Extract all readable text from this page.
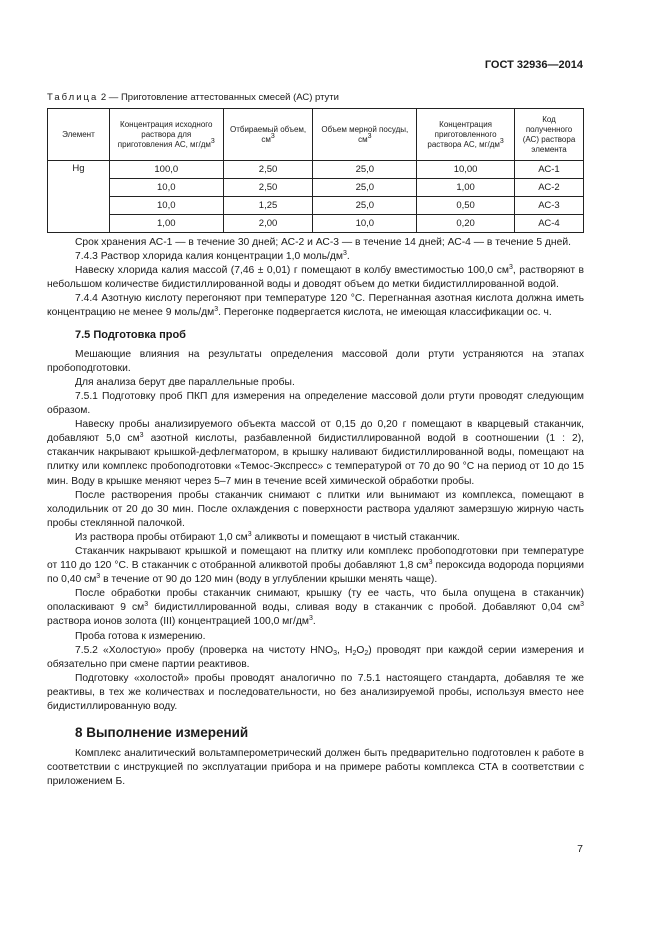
ГОСТ 32936—2014
Таблица 2 — Приготовление аттестованных смесей (АС) ртути
Элемент	Концентрация исходного раствора для приготовления АС, $мг/дм^3$	Отбираемый объем, $см^3$	Объем мерной посуды, $см^3$	Концентрация приготовленного раствора АС, $мг/дм^3$	Код полученного (АС) раствора элемента
Hg	100,0	2,50	25,0	10,00	АС-1
	10,0	2,50	25,0	1,00	АС-2
	10,0	1,25	25,0	0,50	АС-3
	1,00	2,00	10,0	0,20	АС-4

Срок хранения АС-1 — в течение 30 дней; АС-2 и АС-3 — в течение 14 дней; АС-4 — в течение 5 дней.

7.4.3 Раствор хлорида калия концентрации 1,0 моль/$дм^3$.

Навеску хлорида калия массой (7,46 ± 0,01) г помещают в колбу вместимостью 100,0 $см^3$, растворяют в небольшом количестве бидистиллированной воды и доводят объем до метки бидистиллированной водой.

7.4.4 Азотную кислоту перегоняют при температуре 120 °С. Перегнанная азотная кислота должна иметь концентрацию не менее 9 моль/$дм^3$. Перегонке подвергается кислота, не имеющая классификации ос. ч.

7.5 Подготовка проб

Мешающие влияния на результаты определения массовой доли ртути устраняются на этапах пробоподготовки.

Для анализа берут две параллельные пробы.

7.5.1 Подготовку проб ПКП для измерения на определение массовой доли ртути проводят следующим образом.

Навеску пробы анализируемого объекта массой от 0,15 до 0,20 г помещают в кварцевый стаканчик, добавляют 5,0 $см^3$ азотной кислоты, разбавленной бидистиллированной водой в соотношении (1 : 2), стаканчик накрывают крышкой-дефлегматором, в крышку наливают бидистиллированной воды, помещают на плитку или комплекс пробоподготовки «Темос-Экспресс» с температурой от 70 до 90 °С на период от 10 до 15 мин. Воду в крышке меняют через 5–7 мин в течение всей химической обработки пробы.

После растворения пробы стаканчик снимают с плитки или вынимают из комплекса, помещают в холодильник от 20 до 30 мин. После охлаждения с поверхности раствора удаляют замерзшую жирную часть пробы стеклянной палочкой.

Из раствора пробы отбирают 1,0 $см^3$ аликвоты и помещают в чистый стаканчик.

Стаканчик накрывают крышкой и помещают на плитку или комплекс пробоподготовки при температуре от 110 до 120 °С. В стаканчик с отобранной аликвотой пробы добавляют 1,8 $см^3$ пероксида водорода порциями по 0,40 $см^3$ в течение от 90 до 120 мин (воду в углублении крышки менять чаще).

После обработки пробы стаканчик снимают, крышку (ту ее часть, что была опущена в стаканчик) ополаскивают 9 $см^3$ бидистиллированной воды, сливая воду в стаканчик с пробой. Добавляют 0,04 $см^3$ раствора ионов золота (III) концентрацией 100,0 $мг/дм^3$.

Проба готова к измерению.

7.5.2 «Холостую» пробу (проверка на чистоту $HNO_3$, $H_2O_2$) проводят при каждой серии измерения и обязательно при смене партии реактивов.

Подготовку «холостой» пробы проводят аналогично по 7.5.1 настоящего стандарта, добавляя те же реактивы, в тех же количествах и последовательности, но без анализируемой пробы, используя вместо нее бидистиллированную воду.

8 Выполнение измерений

Комплекс аналитический вольтамперометрический должен быть предварительно подготовлен к работе в соответствии с инструкцией по эксплуатации прибора и на примере работы комплекса СТА в соответствии с приложением Б.

7
